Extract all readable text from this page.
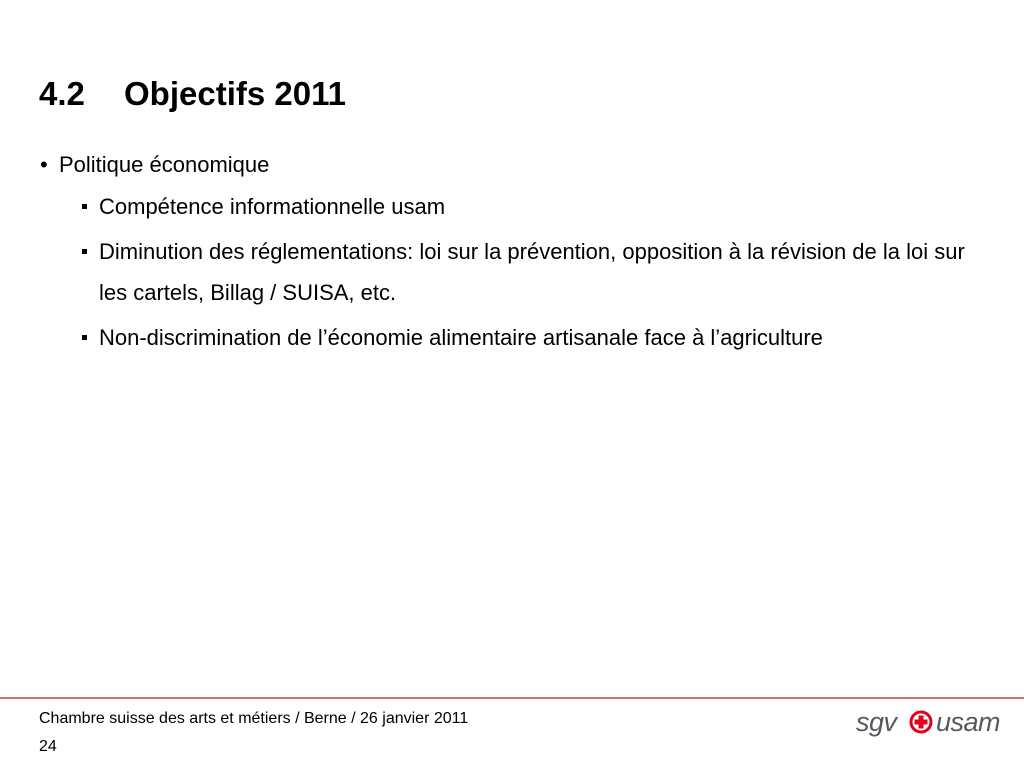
4.2 Objectifs 2011
• Politique économique
Compétence informationnelle usam
Diminution des réglementations: loi sur la prévention, opposition à la révision de la loi sur les cartels, Billag / SUISA, etc.
Non-discrimination de l’économie alimentaire artisanale face à l’agriculture
Chambre suisse des arts et métiers / Berne / 26 janvier 2011
24
sgv usam
